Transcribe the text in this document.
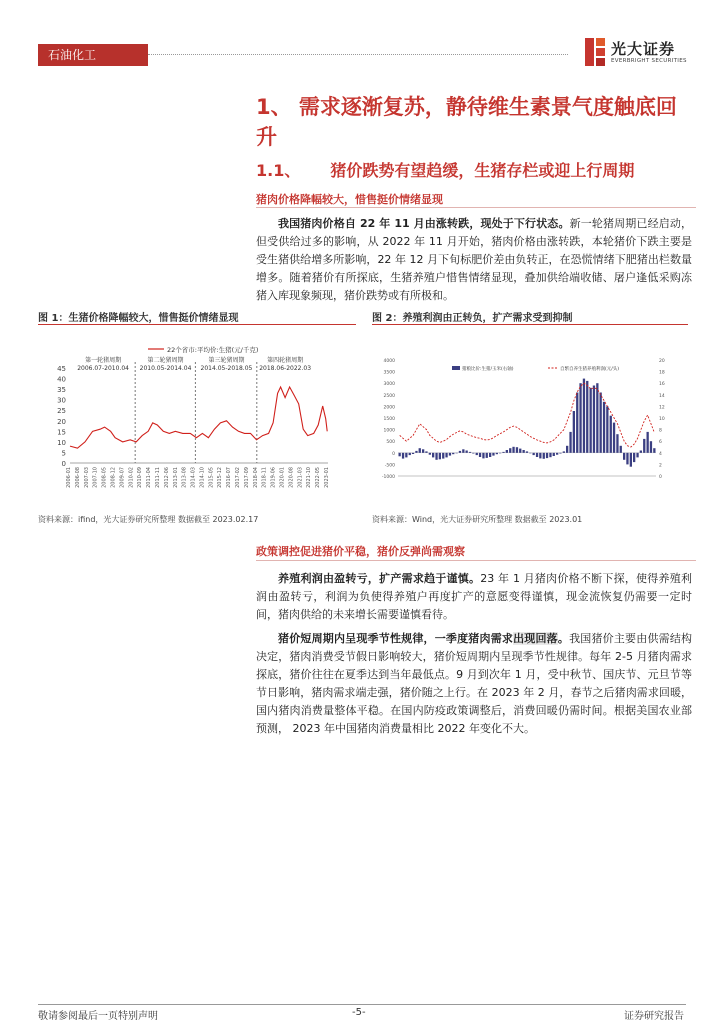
石油化工	光大证券
EVERBRIGHT SECURITIES
1、 需求逐渐复苏，静待维生素景气度触底回升
1.1、 猪价跌势有望趋缓，生猪存栏或迎上行周期
猪肉价格降幅较大，惜售挺价情绪显现
我国猪肉价格自 22 年 11 月由涨转跌，现处于下行状态。新一轮猪周期已经启动，但受供给过多的影响，从 2022 年 11 月开始，猪肉价格由涨转跌，本轮猪价下跌主要是受生猪供给增多所影响，22 年 12 月下旬标肥价差由负转正，在恐慌情绪下肥猪出栏数量增多。随着猪价有所探底，生猪养殖户惜售情绪显现，叠加供给端收储、屠户逢低采购冻猪入库现象频现，猪价跌势或有所极和。
图 1：生猪价格降幅较大，惜售挺价情绪显现
0
5
10
15
20
25
30
35
40
45
第一轮猪周期
2006.07-2010.04
第二轮猪周期
2010.05-2014.04
第三轮猪周期
2014.05-2018.05
第四轮猪周期
2018.06-2022.03
22个省市:平均价:生猪(元/千克)
2006-01 2006-08 2007-03 2007-10 2008-05 2008-12 2009-07 2010-02 2010-09 2011-04 2011-11 2012-06 2013-01 2013-08 2014-03 2014-10 2015-05 2015-12 2016-07 2017-02 2017-09 2018-04 2018-11 2019-06 2020-01 2020-08 2021-03 2021-10 2022-05 2023-01
资料来源：ifind，光大证券研究所整理 数据截至 2023.02.17
图 2：养殖利润由正转负，扩产需求受到抑制
-1000
-500
0
500
1000
1500
2000
2500
3000
3500
4000
0
2
4
6
8
10
12
14
16
18
20
猪粮比价:生猪/玉米(右轴)	自繁自养生猪养殖利润(元/头)
资料来源：Wind，光大证券研究所整理 数据截至 2023.01
政策调控促进猪价平稳，猪价反弹尚需观察
养殖利润由盈转亏，扩产需求趋于谨慎。23 年 1 月猪肉价格不断下探，使得养殖利润由盈转亏，利润为负使得养殖户再度扩产的意愿变得谨慎，现金流恢复仍需要一定时间，猪肉供给的未来增长需要谨慎看待。
猪价短周期内呈现季节性规律，一季度猪肉需求出现回落。我国猪价主要由供需结构决定，猪肉消费受节假日影响较大，猪价短周期内呈现季节性规律。每年 2-5 月猪肉需求探底，猪价往往在夏季达到当年最低点。9 月到次年 1 月，受中秋节、国庆节、元旦节等节日影响，猪肉需求端走强，猪价随之上行。在 2023 年 2 月，春节之后猪肉需求回暖，国内猪肉消费量整体平稳。在国内防疫政策调整后，消费回暖仍需时间。根据美国农业部预测， 2023 年中国猪肉消费量相比 2022 年变化不大。
敬请参阅最后一页特别声明	-5-	证券研究报告
